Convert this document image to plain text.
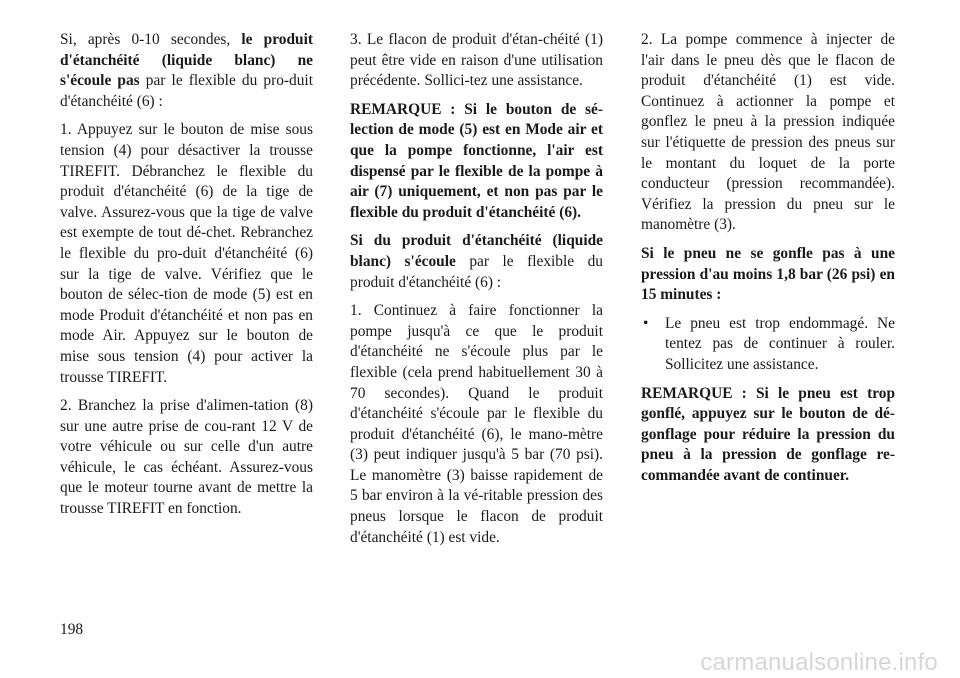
Si, après 0-10 secondes, le produit d'étanchéité (liquide blanc) ne s'écoule pas par le flexible du pro-duit d'étanchéité (6) :

1. Appuyez sur le bouton de mise sous tension (4) pour désactiver la trousse TIREFIT. Débranchez le flexible du produit d'étanchéité (6) de la tige de valve. Assurez-vous que la tige de valve est exempte de tout dé-chet. Rebranchez le flexible du pro-duit d'étanchéité (6) sur la tige de valve. Vérifiez que le bouton de sélec-tion de mode (5) est en mode Produit d'étanchéité et non pas en mode Air. Appuyez sur le bouton de mise sous tension (4) pour activer la trousse TIREFIT.

2. Branchez la prise d'alimen-tation (8) sur une autre prise de cou-rant 12 V de votre véhicule ou sur celle d'un autre véhicule, le cas échéant. Assurez-vous que le moteur tourne avant de mettre la trousse TIREFIT en fonction.

3. Le flacon de produit d'étan-chéité (1) peut être vide en raison d'une utilisation précédente. Sollici-tez une assistance.

REMARQUE : Si le bouton de sé-lection de mode (5) est en Mode air et que la pompe fonctionne, l'air est dispensé par le flexible de la pompe à air (7) uniquement, et non pas par le flexible du produit d'étanchéité (6).

Si du produit d'étanchéité (liquide blanc) s'écoule par le flexible du produit d'étanchéité (6) :

1. Continuez à faire fonctionner la pompe jusqu'à ce que le produit d'étanchéité ne s'écoule plus par le flexible (cela prend habituellement 30 à 70 secondes). Quand le produit d'étanchéité s'écoule par le flexible du produit d'étanchéité (6), le mano-mètre (3) peut indiquer jusqu'à 5 bar (70 psi). Le manomètre (3) baisse rapidement de 5 bar environ à la vé-ritable pression des pneus lorsque le flacon de produit d'étanchéité (1) est vide.

2. La pompe commence à injecter de l'air dans le pneu dès que le flacon de produit d'étanchéité (1) est vide. Continuez à actionner la pompe et gonflez le pneu à la pression indiquée sur l'étiquette de pression des pneus sur le montant du loquet de la porte conducteur (pression recommandée). Vérifiez la pression du pneu sur le manomètre (3).

Si le pneu ne se gonfle pas à une pression d'au moins 1,8 bar (26 psi) en 15 minutes :

•	Le pneu est trop endommagé. Ne tentez pas de continuer à rouler. Sollicitez une assistance.

REMARQUE : Si le pneu est trop gonflé, appuyez sur le bouton de dé-gonflage pour réduire la pression du pneu à la pression de gonflage re-commandée avant de continuer.

198
carmanualsonline.info
